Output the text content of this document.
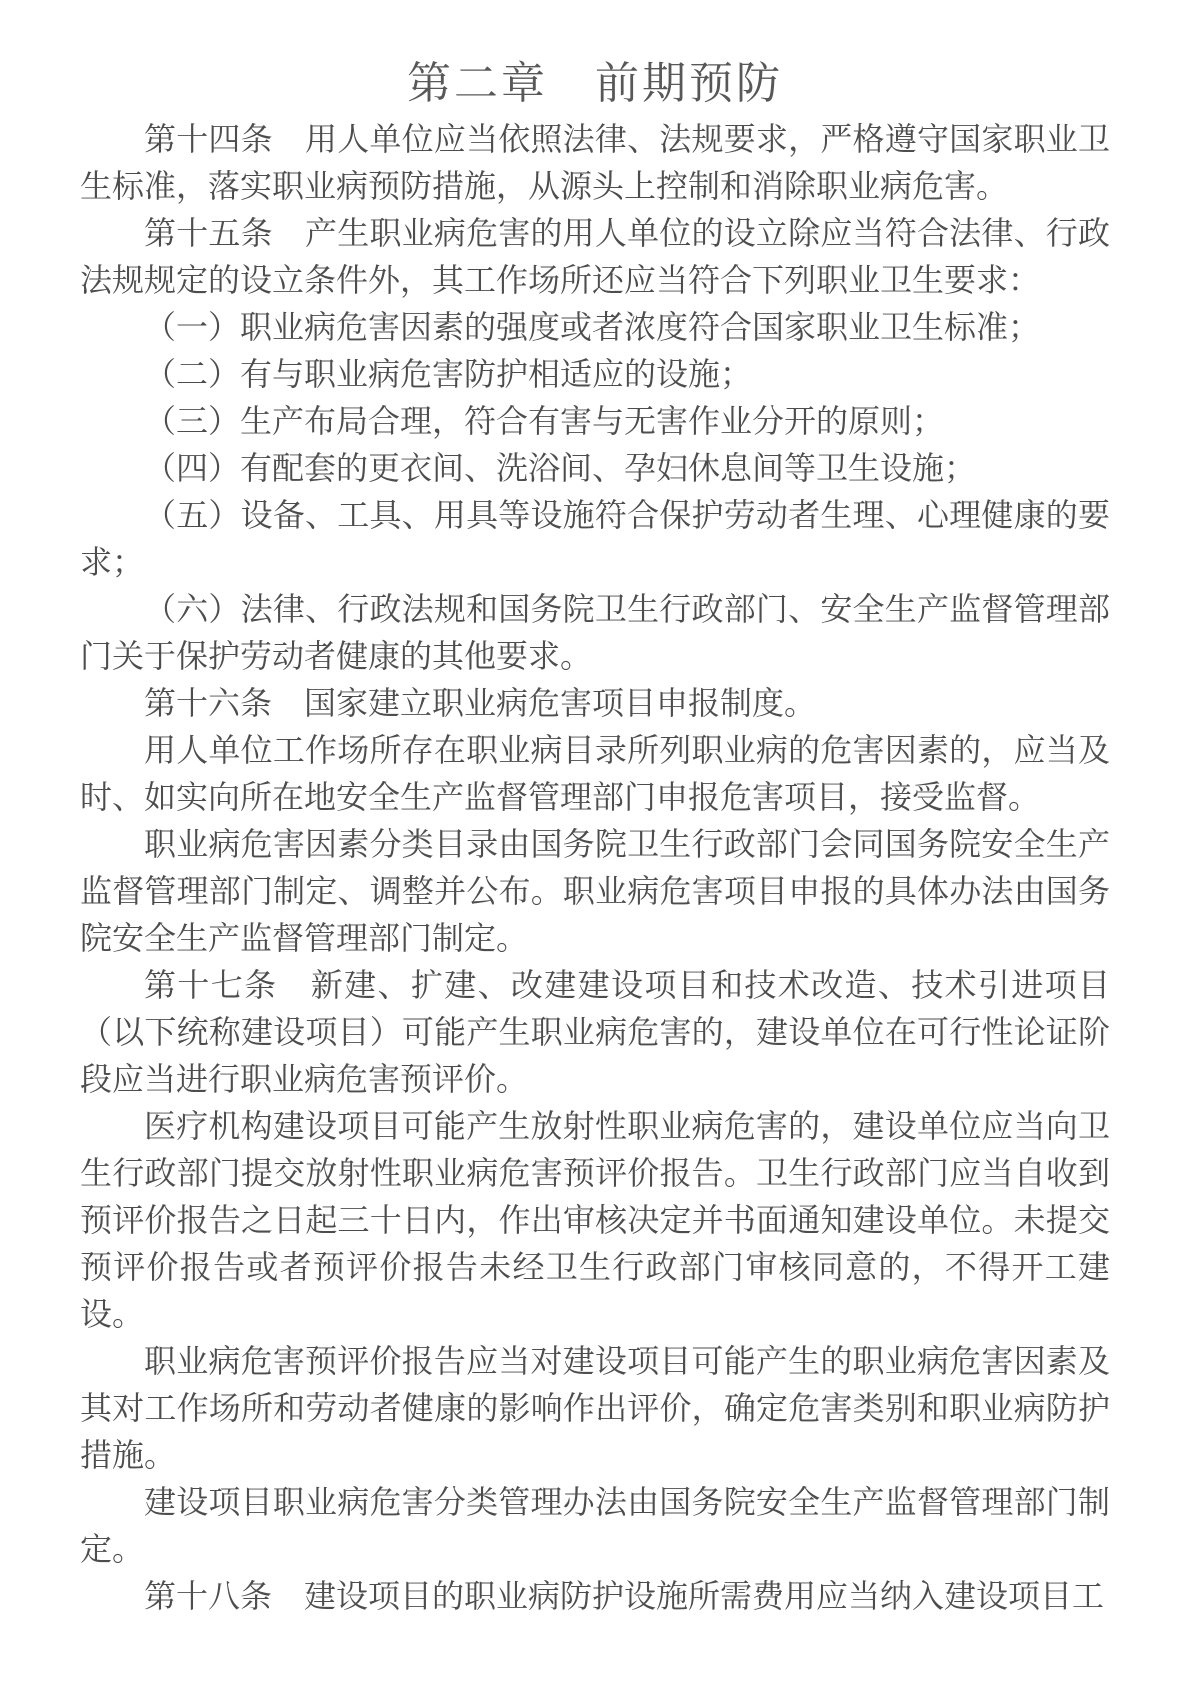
第二章　前期预防

第十四条　用人单位应当依照法律、法规要求，严格遵守国家职业卫生标准，落实职业病预防措施，从源头上控制和消除职业病危害。

第十五条　产生职业病危害的用人单位的设立除应当符合法律、行政法规规定的设立条件外，其工作场所还应当符合下列职业卫生要求：

（一）职业病危害因素的强度或者浓度符合国家职业卫生标准；

（二）有与职业病危害防护相适应的设施；

（三）生产布局合理，符合有害与无害作业分开的原则；

（四）有配套的更衣间、洗浴间、孕妇休息间等卫生设施；

（五）设备、工具、用具等设施符合保护劳动者生理、心理健康的要求；

（六）法律、行政法规和国务院卫生行政部门、安全生产监督管理部门关于保护劳动者健康的其他要求。

第十六条　国家建立职业病危害项目申报制度。

用人单位工作场所存在职业病目录所列职业病的危害因素的，应当及时、如实向所在地安全生产监督管理部门申报危害项目，接受监督。

职业病危害因素分类目录由国务院卫生行政部门会同国务院安全生产监督管理部门制定、调整并公布。职业病危害项目申报的具体办法由国务院安全生产监督管理部门制定。

第十七条　新建、扩建、改建建设项目和技术改造、技术引进项目（以下统称建设项目）可能产生职业病危害的，建设单位在可行性论证阶段应当进行职业病危害预评价。

医疗机构建设项目可能产生放射性职业病危害的，建设单位应当向卫生行政部门提交放射性职业病危害预评价报告。卫生行政部门应当自收到预评价报告之日起三十日内，作出审核决定并书面通知建设单位。未提交预评价报告或者预评价报告未经卫生行政部门审核同意的，不得开工建设。

职业病危害预评价报告应当对建设项目可能产生的职业病危害因素及其对工作场所和劳动者健康的影响作出评价，确定危害类别和职业病防护措施。

建设项目职业病危害分类管理办法由国务院安全生产监督管理部门制定。

第十八条　建设项目的职业病防护设施所需费用应当纳入建设项目工
